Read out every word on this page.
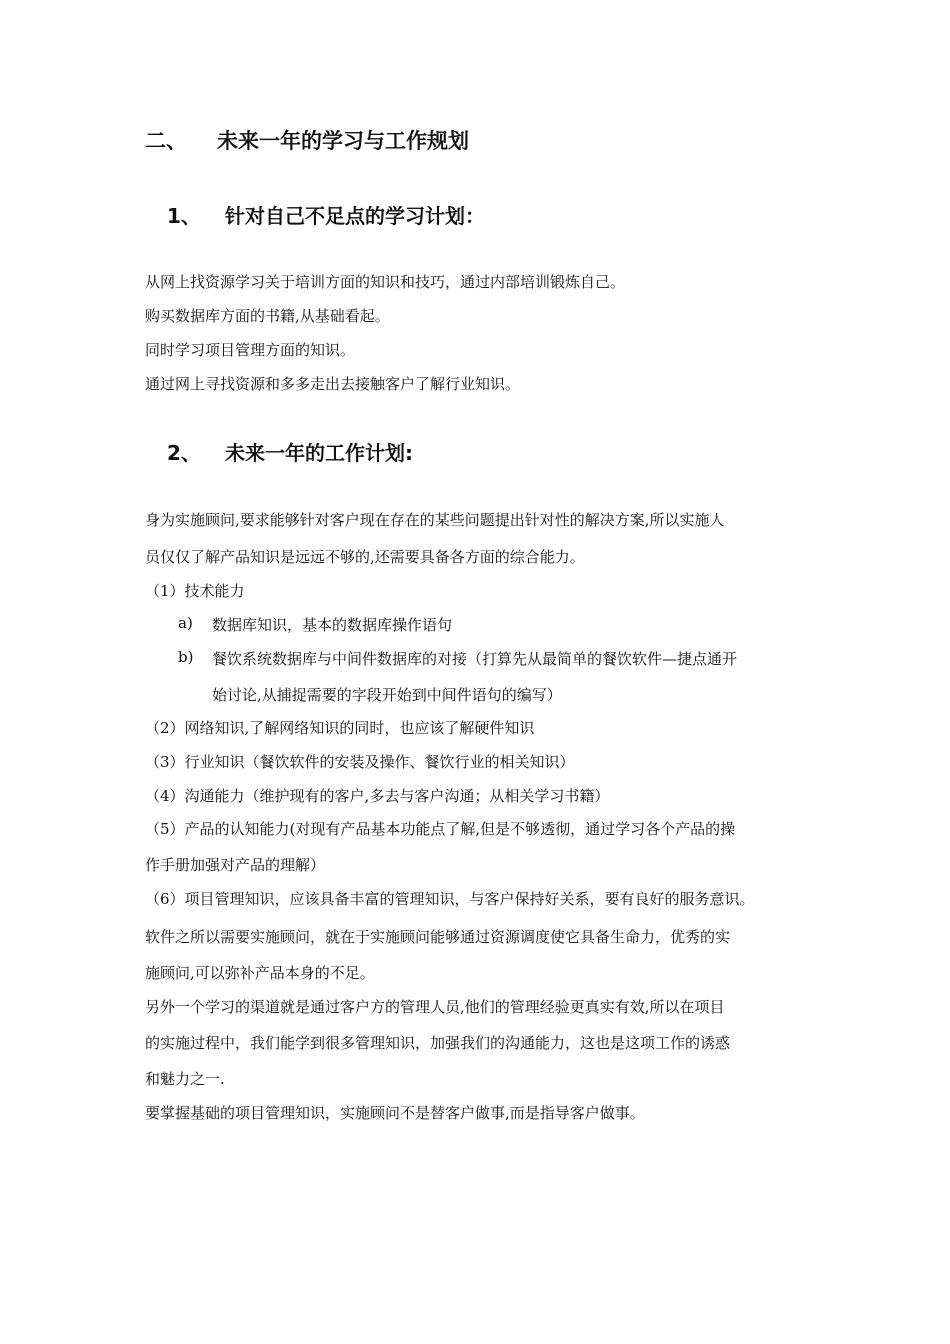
二、 未来一年的学习与工作规划
1、 针对自己不足点的学习计划：
从网上找资源学习关于培训方面的知识和技巧，通过内部培训锻炼自己。
购买数据库方面的书籍,从基础看起。
同时学习项目管理方面的知识。
通过网上寻找资源和多多走出去接触客户了解行业知识。
2、 未来一年的工作计划:
身为实施顾问,要求能够针对客户现在存在的某些问题提出针对性的解决方案,所以实施人
员仅仅了解产品知识是远远不够的,还需要具备各方面的综合能力。
（1）技术能力
a) 数据库知识，基本的数据库操作语句
b) 餐饮系统数据库与中间件数据库的对接（打算先从最简单的餐饮软件—捷点通开
始讨论,从捕捉需要的字段开始到中间件语句的编写）
（2）网络知识,了解网络知识的同时，也应该了解硬件知识
（3）行业知识（餐饮软件的安装及操作、餐饮行业的相关知识）
（4）沟通能力（维护现有的客户,多去与客户沟通；从相关学习书籍）
（5）产品的认知能力(对现有产品基本功能点了解,但是不够透彻，通过学习各个产品的操
作手册加强对产品的理解）
（6）项目管理知识，应该具备丰富的管理知识，与客户保持好关系，要有良好的服务意识。
软件之所以需要实施顾问，就在于实施顾问能够通过资源调度使它具备生命力，优秀的实
施顾问,可以弥补产品本身的不足。
另外一个学习的渠道就是通过客户方的管理人员,他们的管理经验更真实有效,所以在项目
的实施过程中，我们能学到很多管理知识，加强我们的沟通能力，这也是这项工作的诱惑
和魅力之一.
要掌握基础的项目管理知识，实施顾问不是替客户做事,而是指导客户做事。
